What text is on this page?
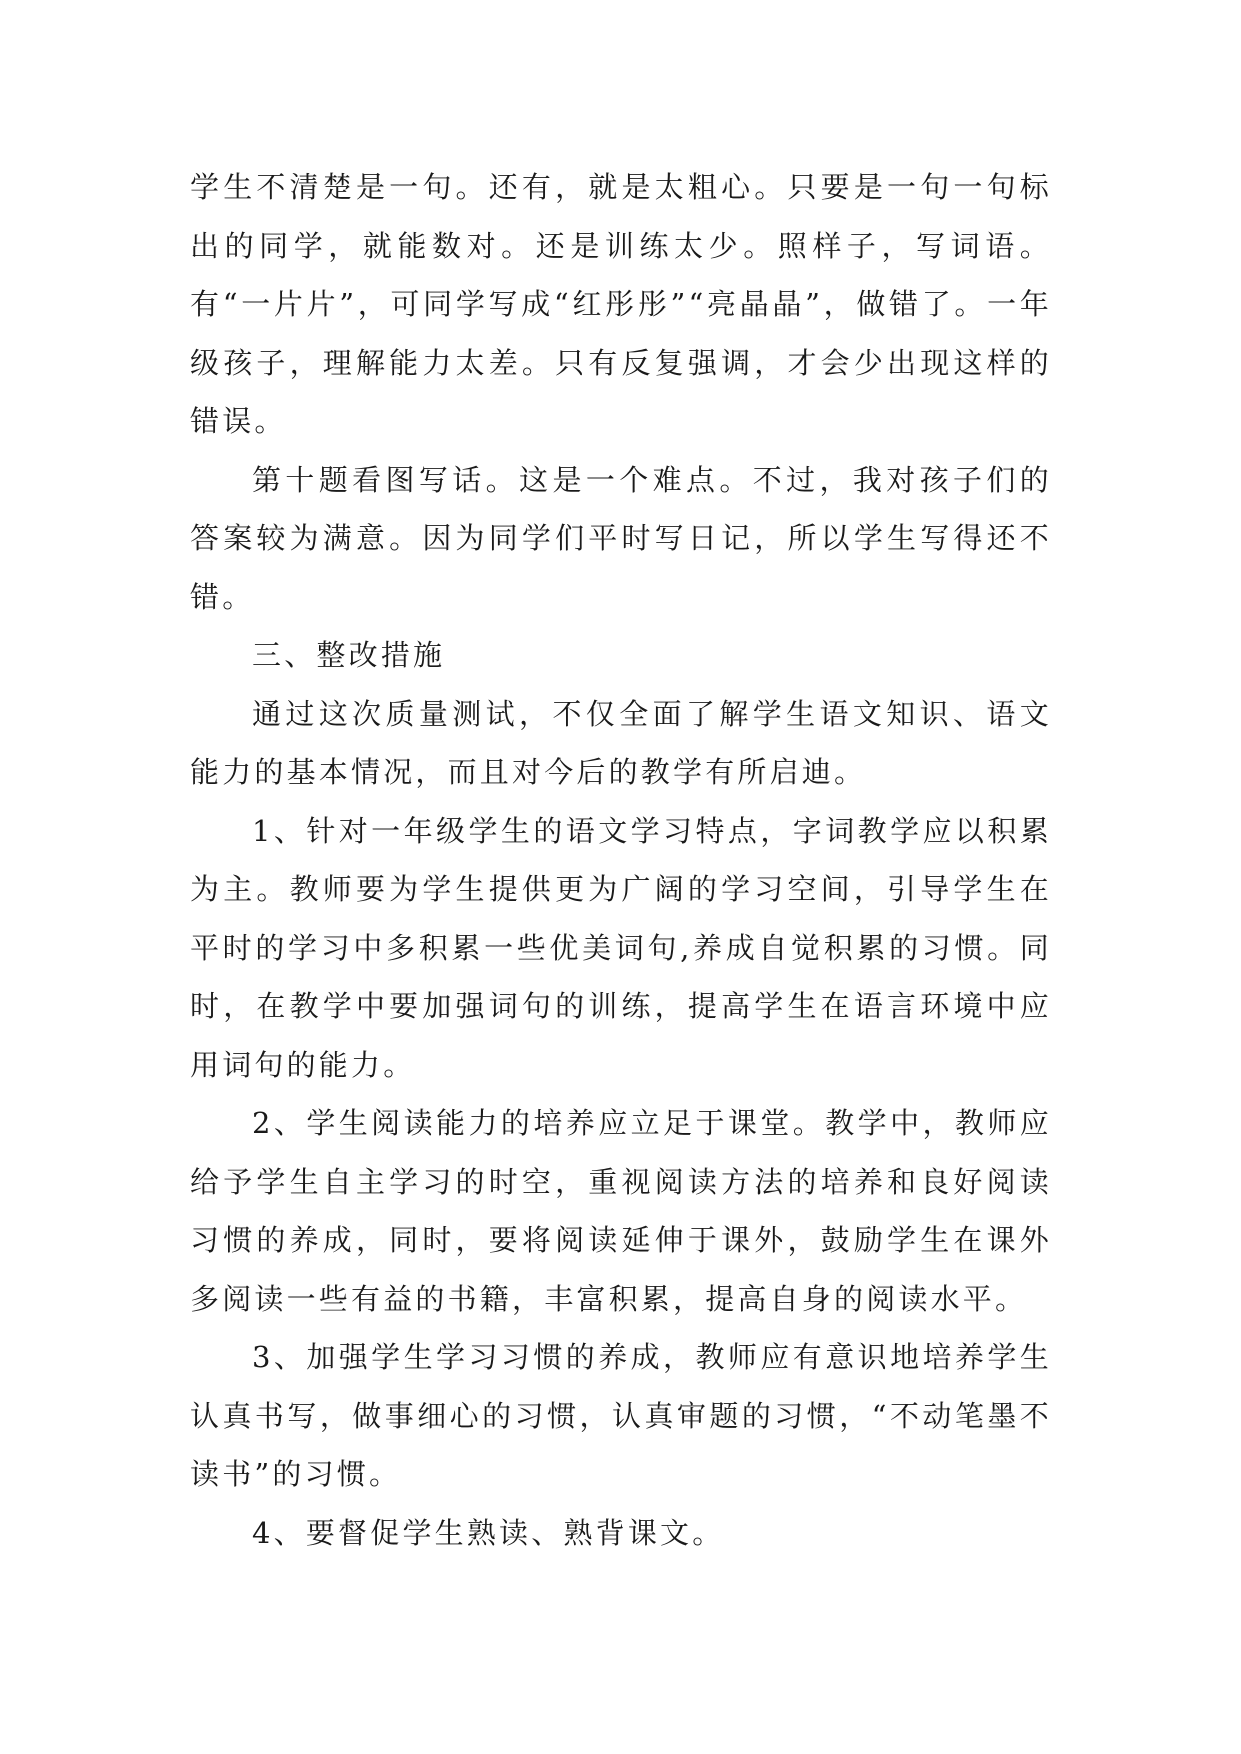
学生不清楚是一句。还有，就是太粗心。只要是一句一句标出的同学，就能数对。还是训练太少。照样子，写词语。有“一片片”，可同学写成“红彤彤”“亮晶晶”，做错了。一年级孩子，理解能力太差。只有反复强调，才会少出现这样的错误。

第十题看图写话。这是一个难点。不过，我对孩子们的答案较为满意。因为同学们平时写日记，所以学生写得还不错。

三、整改措施

通过这次质量测试，不仅全面了解学生语文知识、语文能力的基本情况，而且对今后的教学有所启迪。

1、针对一年级学生的语文学习特点，字词教学应以积累为主。教师要为学生提供更为广阔的学习空间，引导学生在平时的学习中多积累一些优美词句,养成自觉积累的习惯。同时，在教学中要加强词句的训练，提高学生在语言环境中应用词句的能力。

2、学生阅读能力的培养应立足于课堂。教学中，教师应给予学生自主学习的时空，重视阅读方法的培养和良好阅读习惯的养成，同时，要将阅读延伸于课外，鼓励学生在课外多阅读一些有益的书籍，丰富积累，提高自身的阅读水平。

3、加强学生学习习惯的养成，教师应有意识地培养学生认真书写，做事细心的习惯，认真审题的习惯，“不动笔墨不读书”的习惯。

4、要督促学生熟读、熟背课文。
